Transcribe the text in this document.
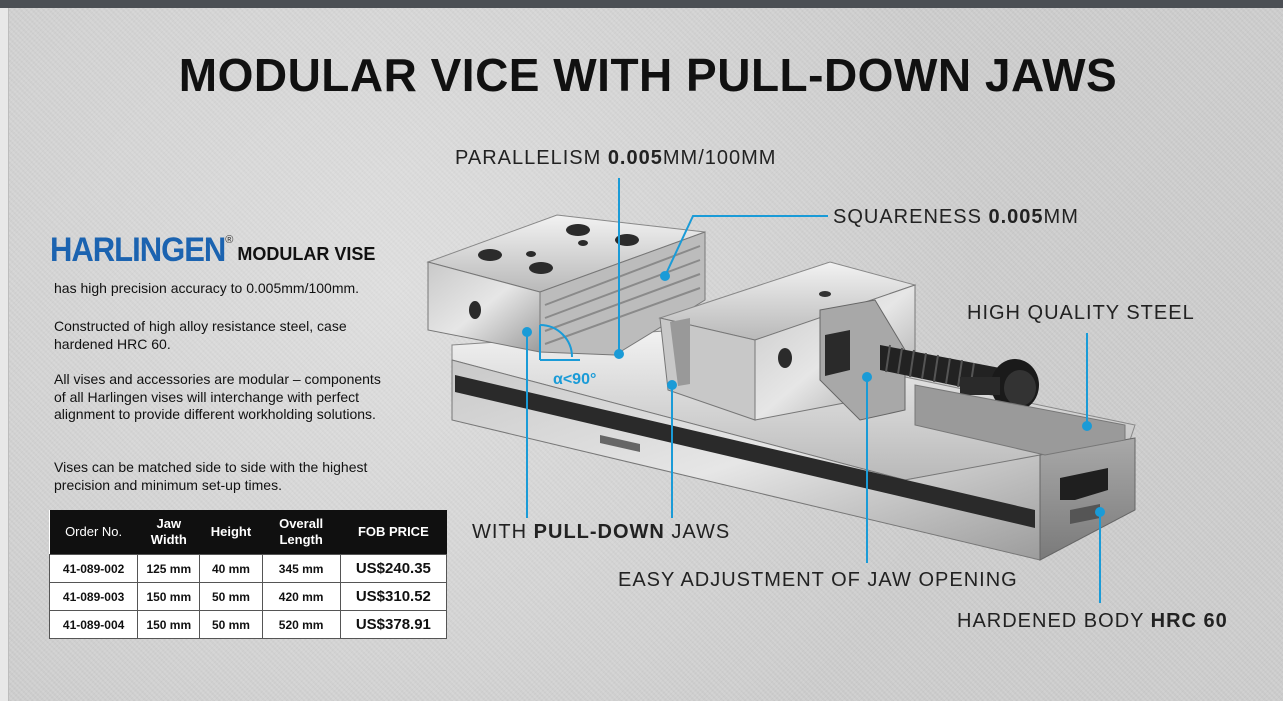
MODULAR VICE WITH PULL-DOWN JAWS
HARLINGEN®MODULAR VISE
has high precision accuracy to 0.005mm/100mm.
Constructed of high alloy resistance steel, case hardened HRC 60.
All vises and accessories are modular – components of all Harlingen vises will interchange with perfect alignment to provide different workholding solutions.
Vises can be matched side to side with the highest precision and minimum set-up times.
Order No.	Jaw Width	Height	Overall Length	FOB PRICE
41-089-002	125 mm	40 mm	345 mm	US$240.35
41-089-003	150 mm	50 mm	420 mm	US$310.52
41-089-004	150 mm	50 mm	520 mm	US$378.91
α<90°
PARALLELISM 0.005MM/100MM
SQUARENESS 0.005MM
HIGH QUALITY STEEL
WITH PULL-DOWN JAWS
EASY ADJUSTMENT OF JAW OPENING
HARDENED BODY HRC 60
